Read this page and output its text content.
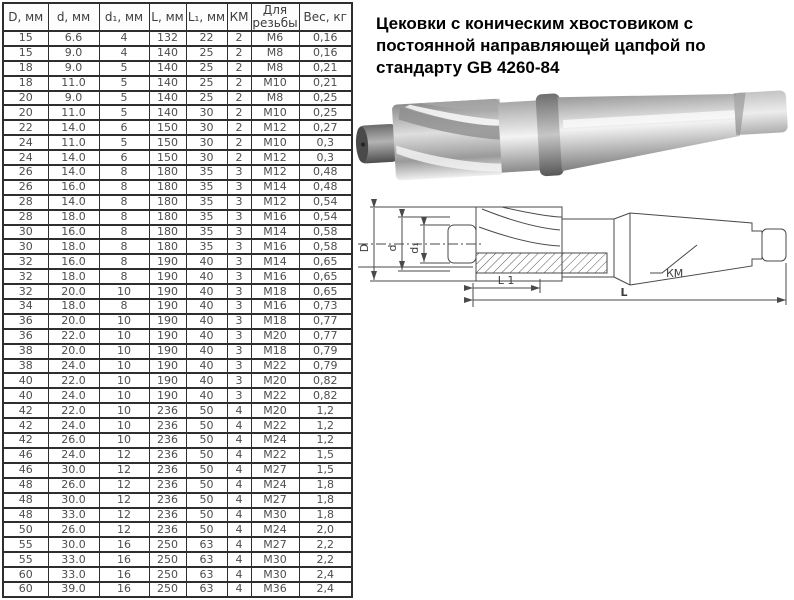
D, мм	d, мм	d₁, мм	L, мм	L₁, мм	КМ	Для резьбы	Вес, кг
15	6.6	4	132	22	2	M6	0,16
15	9.0	4	140	25	2	M8	0,16
18	9.0	5	140	25	2	M8	0,21
18	11.0	5	140	25	2	M10	0,21
20	9.0	5	140	25	2	M8	0,25
20	11.0	5	140	30	2	M10	0,25
22	14.0	6	150	30	2	M12	0,27
24	11.0	5	150	30	2	M10	0,3
24	14.0	6	150	30	2	M12	0,3
26	14.0	8	180	35	3	M12	0,48
26	16.0	8	180	35	3	M14	0,48
28	14.0	8	180	35	3	M12	0,54
28	18.0	8	180	35	3	M16	0,54
30	16.0	8	180	35	3	M14	0,58
30	18.0	8	180	35	3	M16	0,58
32	16.0	8	190	40	3	M14	0,65
32	18.0	8	190	40	3	M16	0,65
32	20.0	10	190	40	3	M18	0,65
34	18.0	8	190	40	3	M16	0,73
36	20.0	10	190	40	3	M18	0,77
36	22.0	10	190	40	3	M20	0,77
38	20.0	10	190	40	3	M18	0,79
38	24.0	10	190	40	3	M22	0,79
40	22.0	10	190	40	3	M20	0,82
40	24.0	10	190	40	3	M22	0,82
42	22.0	10	236	50	4	M20	1,2
42	24.0	10	236	50	4	M22	1,2
42	26.0	10	236	50	4	M24	1,2
46	24.0	12	236	50	4	M22	1,5
46	30.0	12	236	50	4	M27	1,5
48	26.0	12	236	50	4	M24	1,8
48	30.0	12	236	50	4	M27	1,8
48	33.0	12	236	50	4	M30	1,8
50	26.0	12	236	50	4	M24	2,0
55	30.0	16	250	63	4	M27	2,2
55	33.0	16	250	63	4	M30	2,2
60	33.0	16	250	63	4	M30	2,4
60	39.0	16	250	63	4	M36	2,4
Цековки с коническим хвостовиком с
постоянной направляющей цапфой по
стандарту GB 4260-84
D d d₁
L 1
L
КМ
